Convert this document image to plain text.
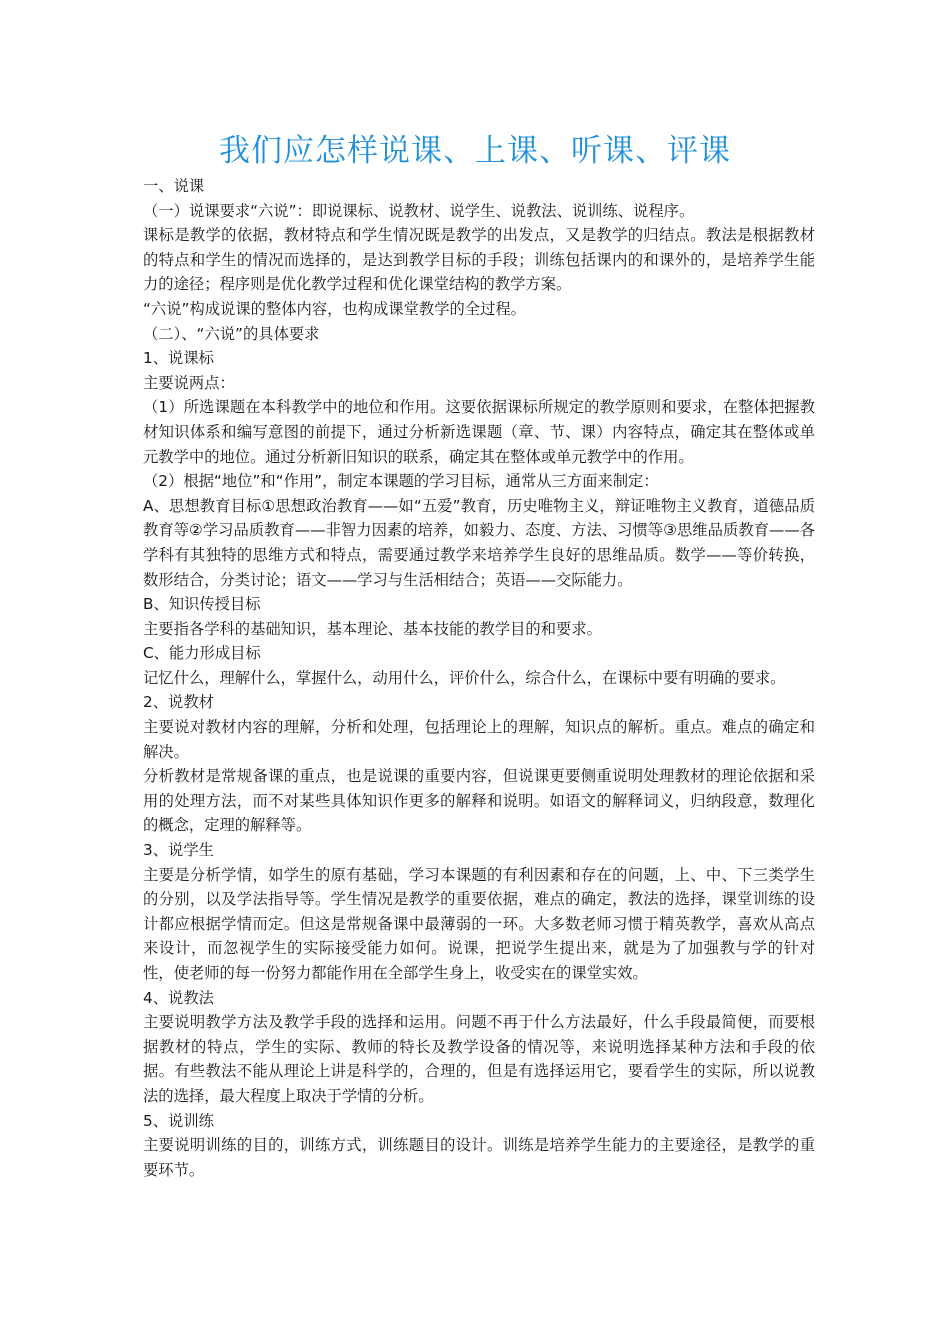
我们应怎样说课、上课、听课、评课

一、说课

（一）说课要求“六说”：即说课标、说教材、说学生、说教法、说训练、说程序。

课标是教学的依据，教材特点和学生情况既是教学的出发点，又是教学的归结点。教法是根据教材的特点和学生的情况而选择的，是达到教学目标的手段；训练包括课内的和课外的，是培养学生能力的途径；程序则是优化教学过程和优化课堂结构的教学方案。

“六说”构成说课的整体内容，也构成课堂教学的全过程。

（二）、“六说”的具体要求

1、说课标

主要说两点：

（1）所选课题在本科教学中的地位和作用。这要依据课标所规定的教学原则和要求，在整体把握教材知识体系和编写意图的前提下，通过分析新选课题（章、节、课）内容特点，确定其在整体或单元教学中的地位。通过分析新旧知识的联系，确定其在整体或单元教学中的作用。

（2）根据“地位”和“作用”，制定本课题的学习目标，通常从三方面来制定：

A、思想教育目标①思想政治教育——如“五爱”教育，历史唯物主义，辩证唯物主义教育，道德品质教育等②学习品质教育——非智力因素的培养，如毅力、态度、方法、习惯等③思维品质教育——各学科有其独特的思维方式和特点，需要通过教学来培养学生良好的思维品质。数学——等价转换，数形结合，分类讨论；语文——学习与生活相结合；英语——交际能力。

B、知识传授目标

主要指各学科的基础知识，基本理论、基本技能的教学目的和要求。

C、能力形成目标

记忆什么，理解什么，掌握什么，动用什么，评价什么，综合什么，在课标中要有明确的要求。

2、说教材

主要说对教材内容的理解，分析和处理，包括理论上的理解，知识点的解析。重点。难点的确定和解决。

分析教材是常规备课的重点，也是说课的重要内容，但说课更要侧重说明处理教材的理论依据和采用的处理方法，而不对某些具体知识作更多的解释和说明。如语文的解释词义，归纳段意，数理化的概念，定理的解释等。

3、说学生

主要是分析学情，如学生的原有基础，学习本课题的有利因素和存在的问题，上、中、下三类学生的分别，以及学法指导等。学生情况是教学的重要依据，难点的确定，教法的选择，课堂训练的设计都应根据学情而定。但这是常规备课中最薄弱的一环。大多数老师习惯于精英教学，喜欢从高点来设计，而忽视学生的实际接受能力如何。说课，把说学生提出来，就是为了加强教与学的针对性，使老师的每一份努力都能作用在全部学生身上，收受实在的课堂实效。

4、说教法

主要说明教学方法及教学手段的选择和运用。问题不再于什么方法最好，什么手段最简便，而要根据教材的特点，学生的实际、教师的特长及教学设备的情况等，来说明选择某种方法和手段的依据。有些教法不能从理论上讲是科学的，合理的，但是有选择运用它，要看学生的实际，所以说教法的选择，最大程度上取决于学情的分析。

5、说训练

主要说明训练的目的，训练方式，训练题目的设计。训练是培养学生能力的主要途径，是教学的重要环节。
